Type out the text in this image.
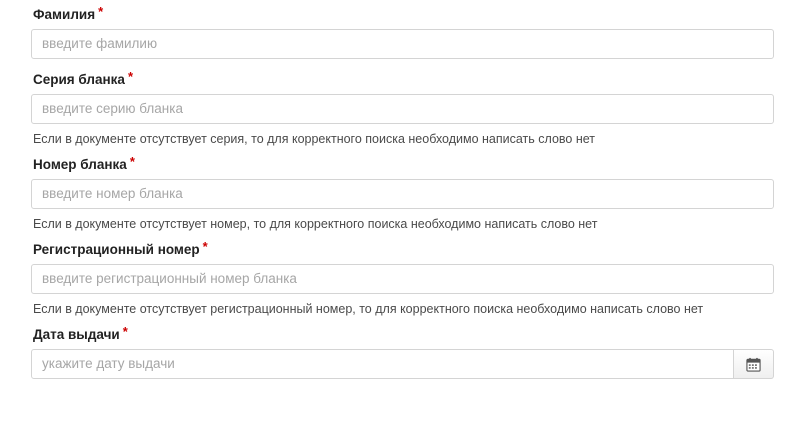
Фамилия *
введите фамилию
Серия бланка *
введите серию бланка
Если в документе отсутствует серия, то для корректного поиска необходимо написать слово нет
Номер бланка *
введите номер бланка
Если в документе отсутствует номер, то для корректного поиска необходимо написать слово нет
Регистрационный номер *
введите регистрационный номер бланка
Если в документе отсутствует регистрационный номер, то для корректного поиска необходимо написать слово нет
Дата выдачи *
укажите дату выдачи
